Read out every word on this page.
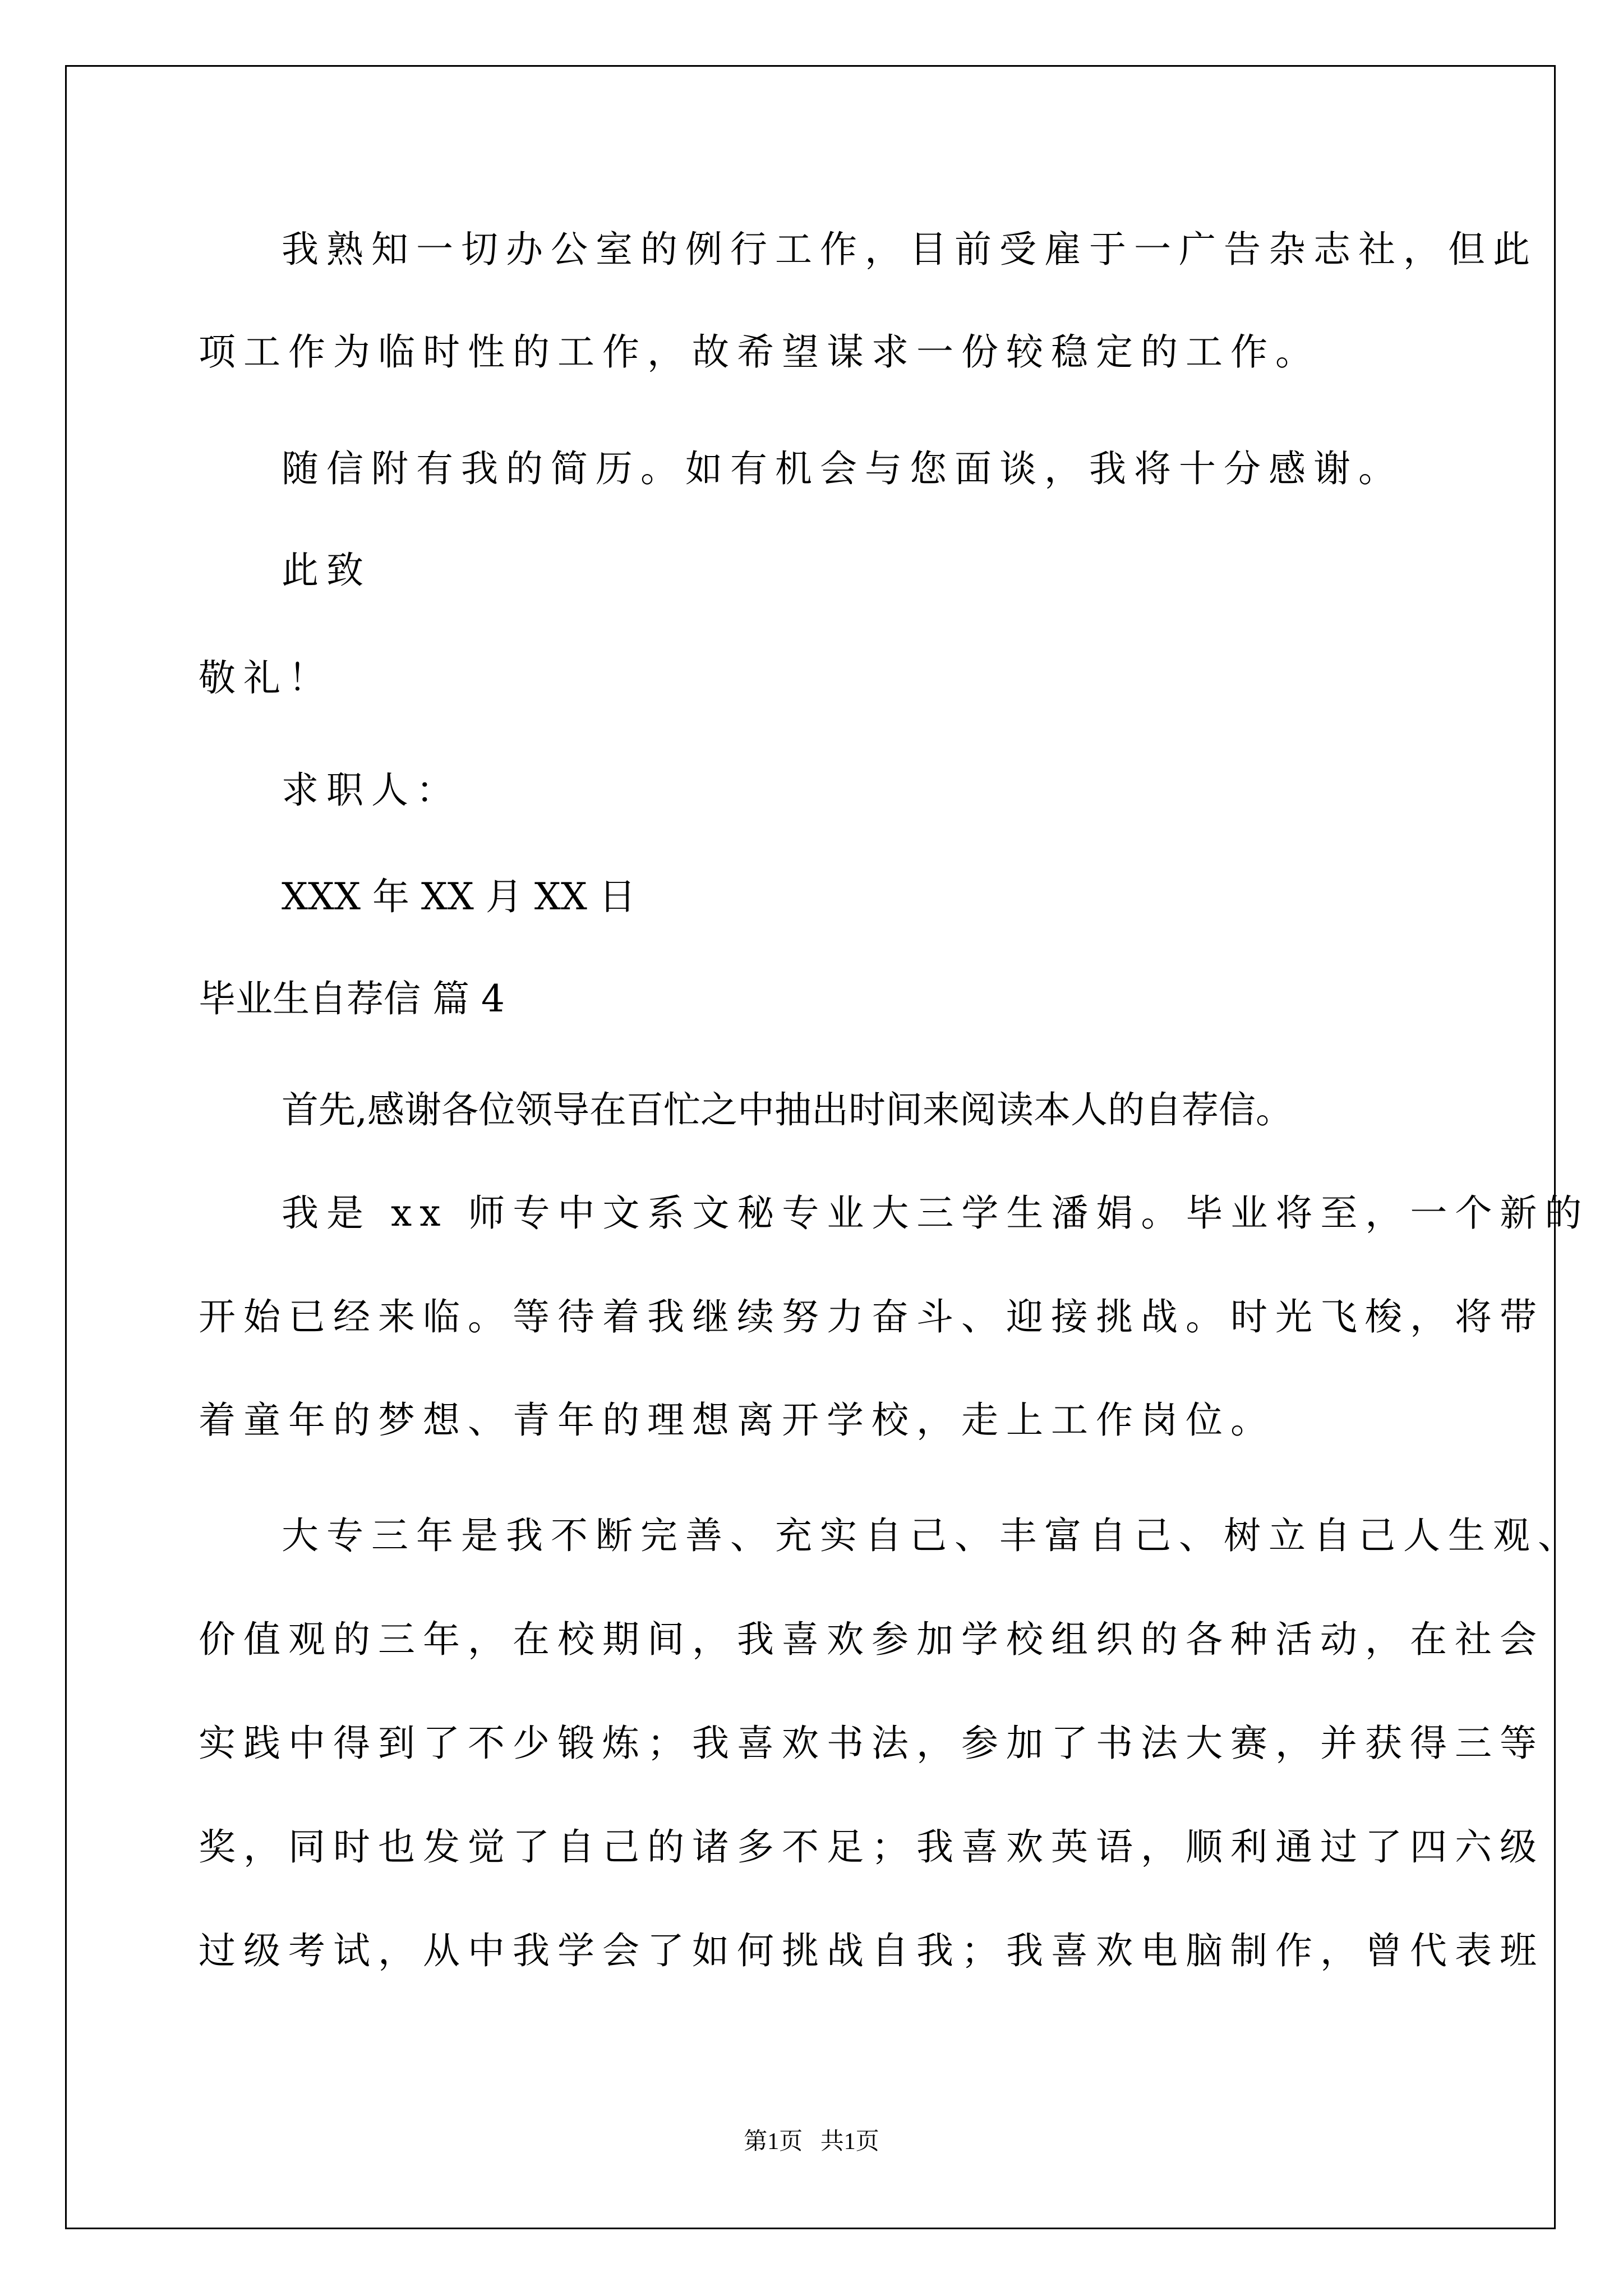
我熟知一切办公室的例行工作，目前受雇于一广告杂志社，但此

项工作为临时性的工作，故希望谋求一份较稳定的工作。

随信附有我的简历。如有机会与您面谈，我将十分感谢。

此致

敬礼！

求职人：

XXX 年 XX 月 XX 日

毕业生自荐信 篇 4

首先,感谢各位领导在百忙之中抽出时间来阅读本人的自荐信。

我是 xx 师专中文系文秘专业大三学生潘娟。毕业将至，一个新的

开始已经来临。等待着我继续努力奋斗、迎接挑战。时光飞梭，将带

着童年的梦想、青年的理想离开学校，走上工作岗位。

大专三年是我不断完善、充实自己、丰富自己、树立自己人生观、

价值观的三年，在校期间，我喜欢参加学校组织的各种活动，在社会

实践中得到了不少锻炼；我喜欢书法，参加了书法大赛，并获得三等

奖，同时也发觉了自己的诸多不足；我喜欢英语，顺利通过了四六级

过级考试，从中我学会了如何挑战自我；我喜欢电脑制作，曾代表班

第1页   共1页
